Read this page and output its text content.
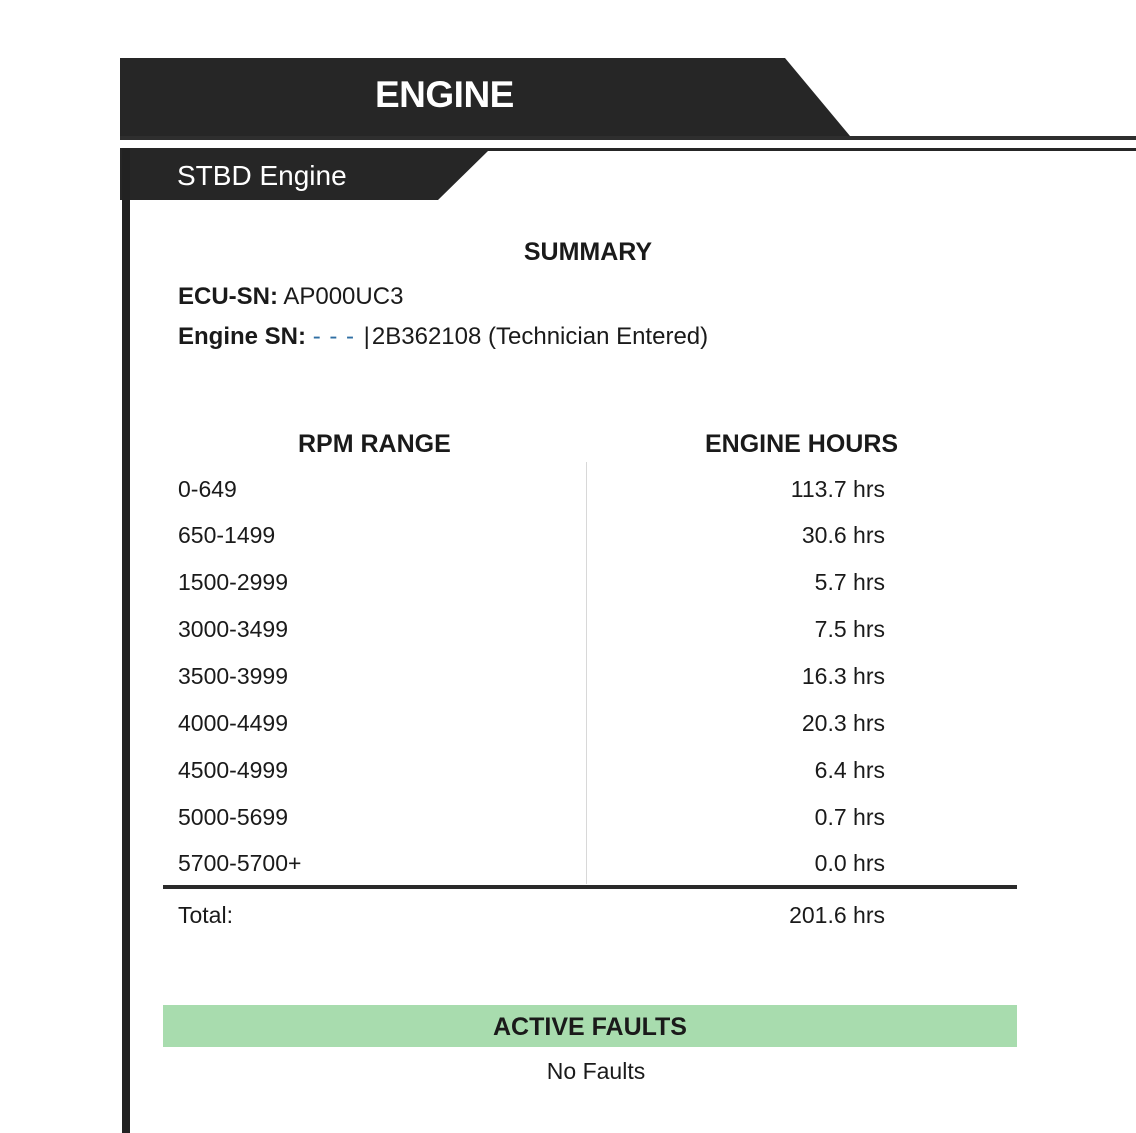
ENGINE
STBD Engine
SUMMARY
ECU-SN: AP000UC3
Engine SN: - - - |2B362108 (Technician Entered)
RPM RANGE	ENGINE HOURS
0-649	113.7 hrs
650-1499	30.6 hrs
1500-2999	5.7 hrs
3000-3499	7.5 hrs
3500-3999	16.3 hrs
4000-4499	20.3 hrs
4500-4999	6.4 hrs
5000-5699	0.7 hrs
5700-5700+	0.0 hrs
Total:	201.6 hrs
ACTIVE FAULTS
No Faults
